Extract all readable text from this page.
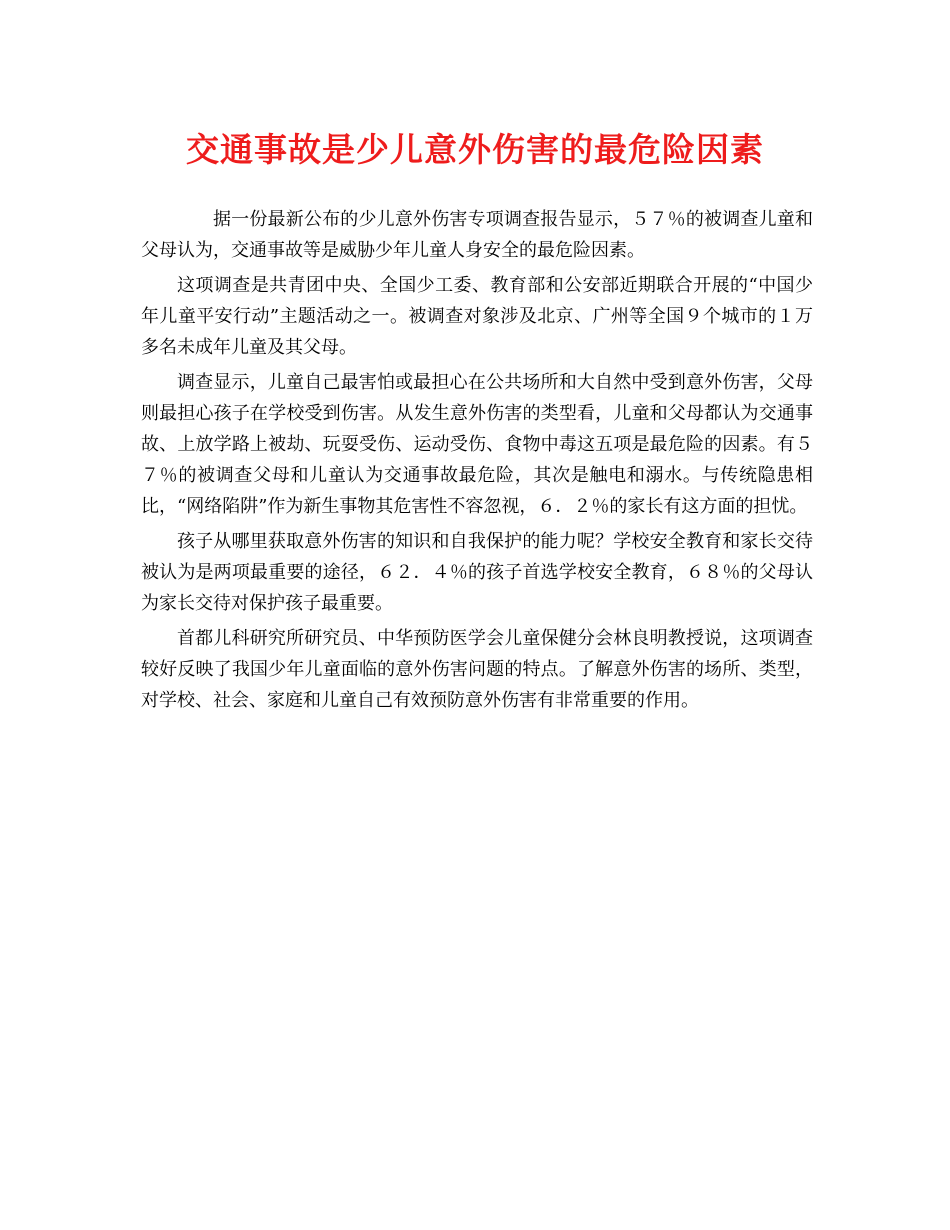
交通事故是少儿意外伤害的最危险因素

据一份最新公布的少儿意外伤害专项调查报告显示，５７％的被调查儿童和父母认为，交通事故等是威胁少年儿童人身安全的最危险因素。

这项调查是共青团中央、全国少工委、教育部和公安部近期联合开展的“中国少年儿童平安行动”主题活动之一。被调查对象涉及北京、广州等全国９个城市的１万多名未成年儿童及其父母。

调查显示，儿童自己最害怕或最担心在公共场所和大自然中受到意外伤害，父母则最担心孩子在学校受到伤害。从发生意外伤害的类型看，儿童和父母都认为交通事故、上放学路上被劫、玩耍受伤、运动受伤、食物中毒这五项是最危险的因素。有５７％的被调查父母和儿童认为交通事故最危险，其次是触电和溺水。与传统隐患相比，“网络陷阱”作为新生事物其危害性不容忽视，６．２％的家长有这方面的担忧。

孩子从哪里获取意外伤害的知识和自我保护的能力呢？学校安全教育和家长交待被认为是两项最重要的途径，６２．４％的孩子首选学校安全教育，６８％的父母认为家长交待对保护孩子最重要。

首都儿科研究所研究员、中华预防医学会儿童保健分会林良明教授说，这项调查较好反映了我国少年儿童面临的意外伤害问题的特点。了解意外伤害的场所、类型，对学校、社会、家庭和儿童自己有效预防意外伤害有非常重要的作用。
